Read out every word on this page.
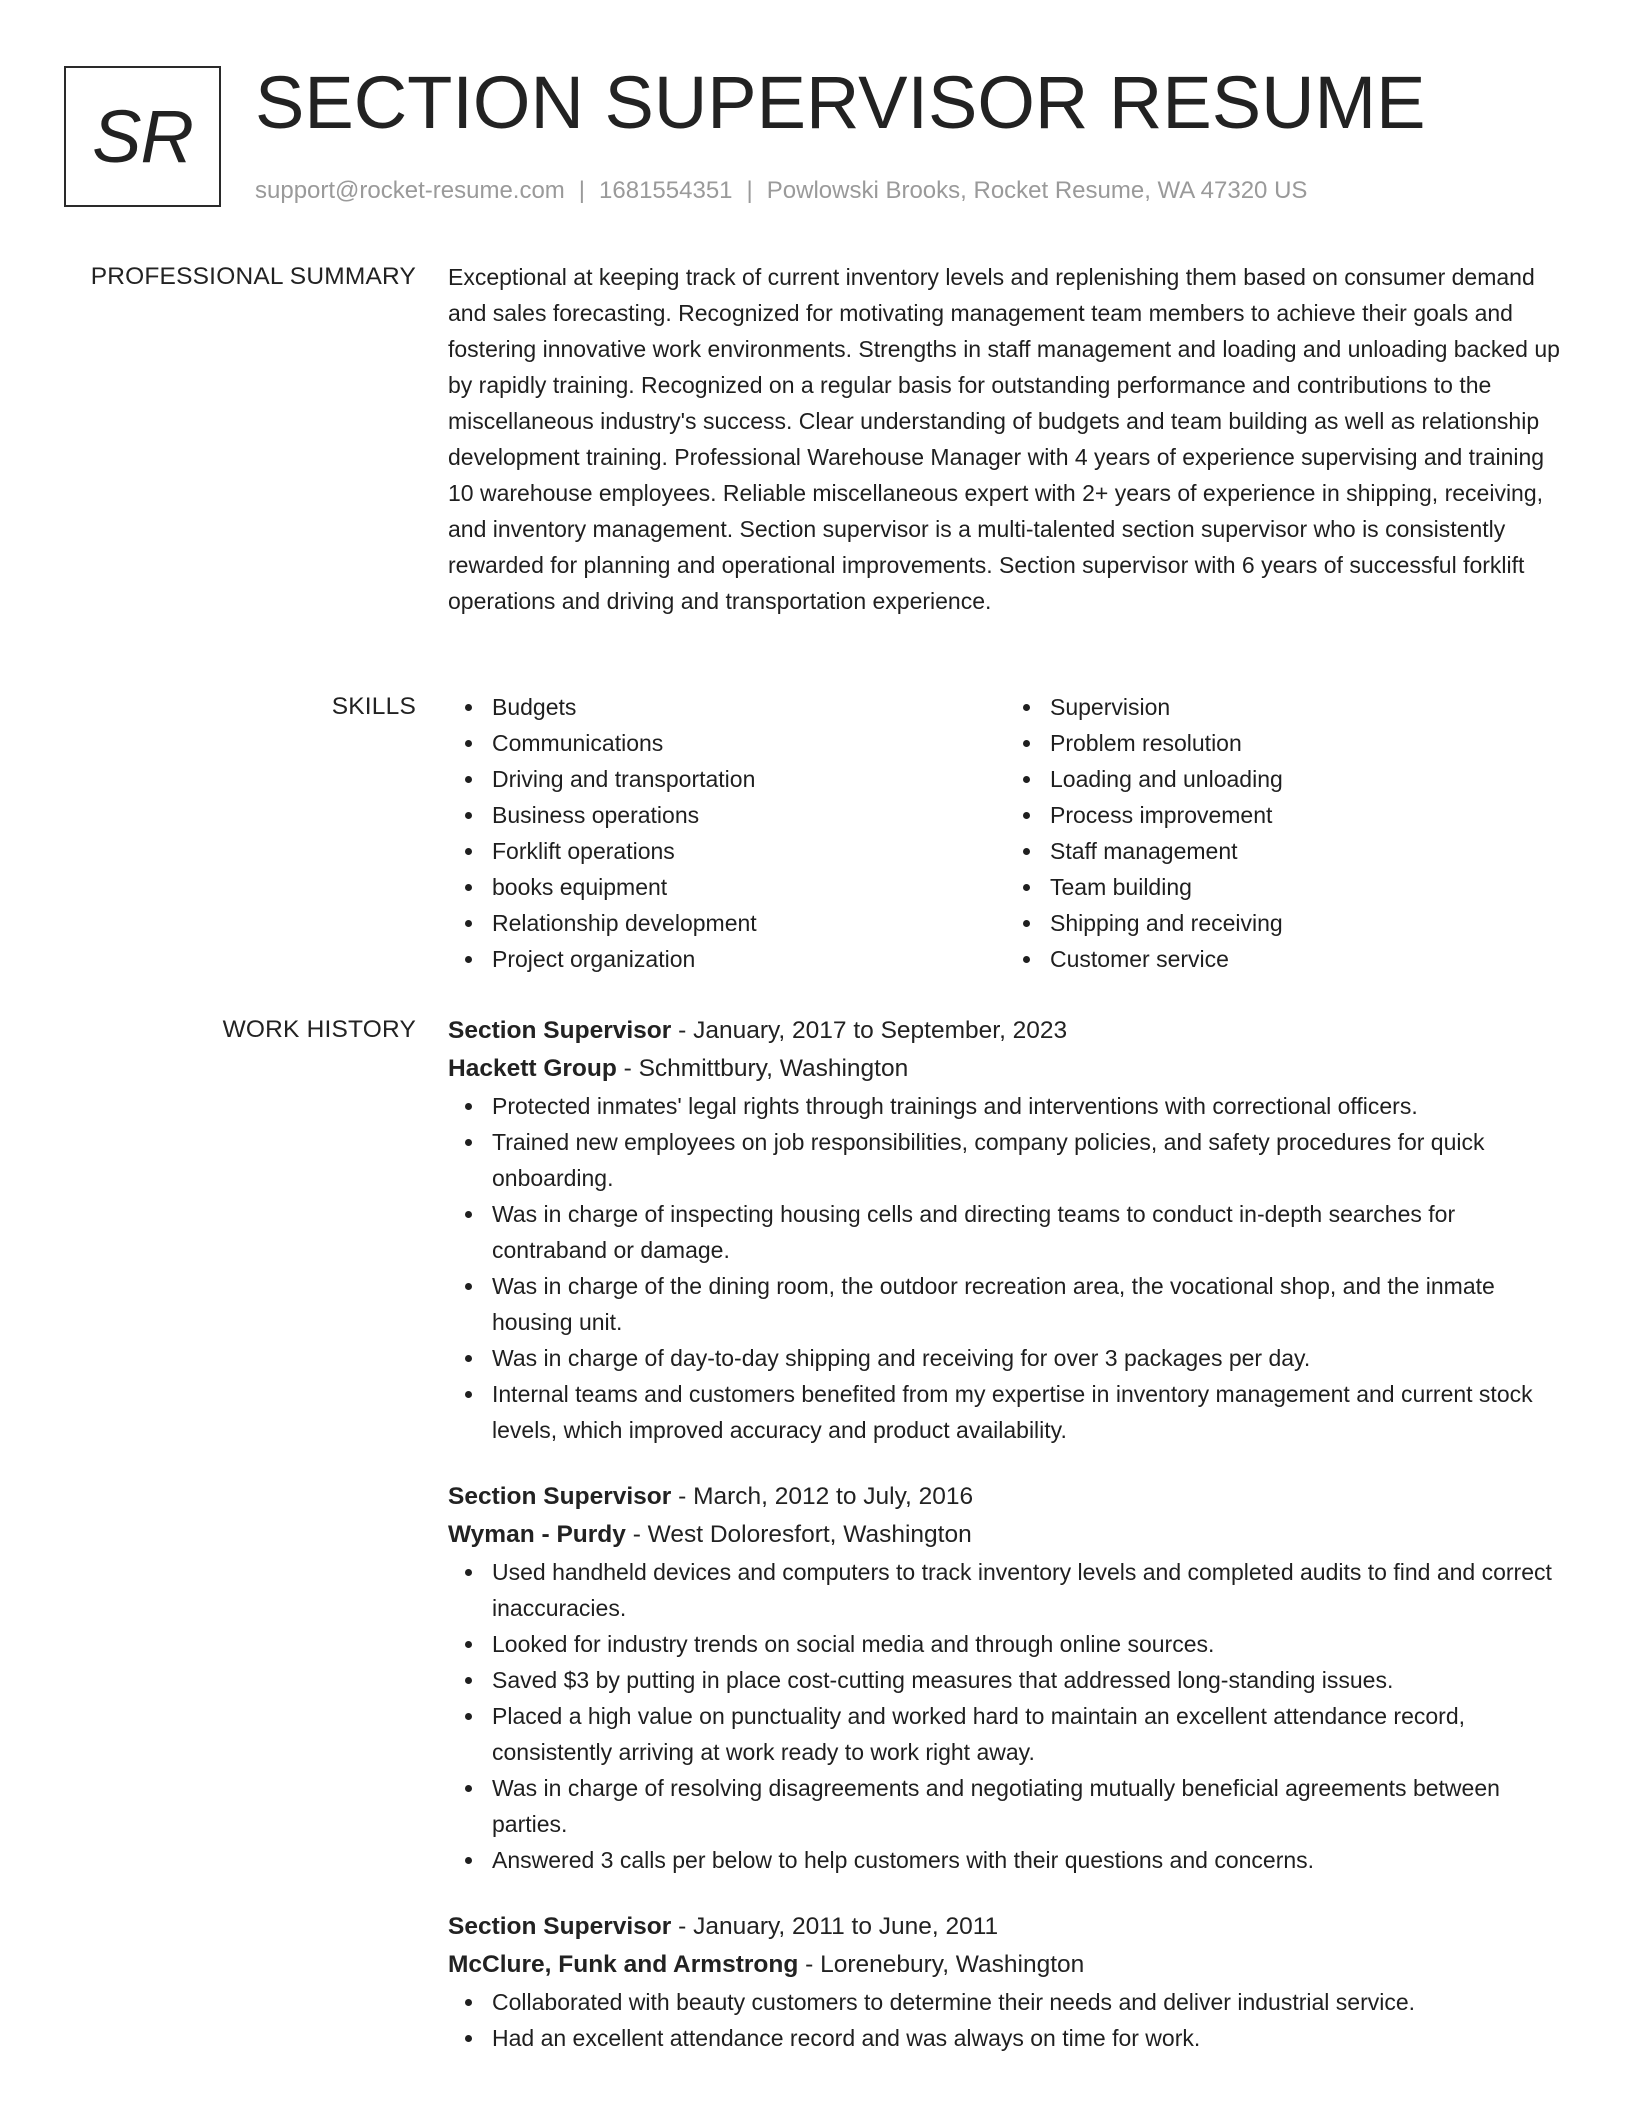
SR SECTION SUPERVISOR RESUME
support@rocket-resume.com | 1681554351 | Powlowski Brooks, Rocket Resume, WA 47320 US
PROFESSIONAL SUMMARY Exceptional at keeping track of current inventory levels and replenishing them based on consumer demand and sales forecasting. Recognized for motivating management team members to achieve their goals and fostering innovative work environments. Strengths in staff management and loading and unloading backed up by rapidly training. Recognized on a regular basis for outstanding performance and contributions to the miscellaneous industry's success. Clear understanding of budgets and team building as well as relationship development training. Professional Warehouse Manager with 4 years of experience supervising and training 10 warehouse employees. Reliable miscellaneous expert with 2+ years of experience in shipping, receiving, and inventory management. Section supervisor is a multi-talented section supervisor who is consistently rewarded for planning and operational improvements. Section supervisor with 6 years of successful forklift operations and driving and transportation experience.

SKILLS	Budgets
Communications
Driving and transportation
Business operations
Forklift operations
books equipment
Relationship development
Project organization
Supervision
Problem resolution
Loading and unloading
Process improvement
Staff management
Team building
Shipping and receiving
Customer service
WORK HISTORY Section Supervisor - January, 2017 to September, 2023
Hackett Group - Schmittbury, Washington
Protected inmates' legal rights through trainings and interventions with correctional officers.
Trained new employees on job responsibilities, company policies, and safety procedures for quick onboarding.
Was in charge of inspecting housing cells and directing teams to conduct in-depth searches for contraband or damage.
Was in charge of the dining room, the outdoor recreation area, the vocational shop, and the inmate housing unit.
Was in charge of day-to-day shipping and receiving for over 3 packages per day.
Internal teams and customers benefited from my expertise in inventory management and current stock levels, which improved accuracy and product availability.
Section Supervisor - March, 2012 to July, 2016
Wyman - Purdy - West Doloresfort, Washington
Used handheld devices and computers to track inventory levels and completed audits to find and correct inaccuracies.
Looked for industry trends on social media and through online sources.
Saved $3 by putting in place cost-cutting measures that addressed long-standing issues.
Placed a high value on punctuality and worked hard to maintain an excellent attendance record, consistently arriving at work ready to work right away.
Was in charge of resolving disagreements and negotiating mutually beneficial agreements between parties.
Answered 3 calls per below to help customers with their questions and concerns.
Section Supervisor - January, 2011 to June, 2011
McClure, Funk and Armstrong - Lorenebury, Washington
Collaborated with beauty customers to determine their needs and deliver industrial service.
Had an excellent attendance record and was always on time for work.
